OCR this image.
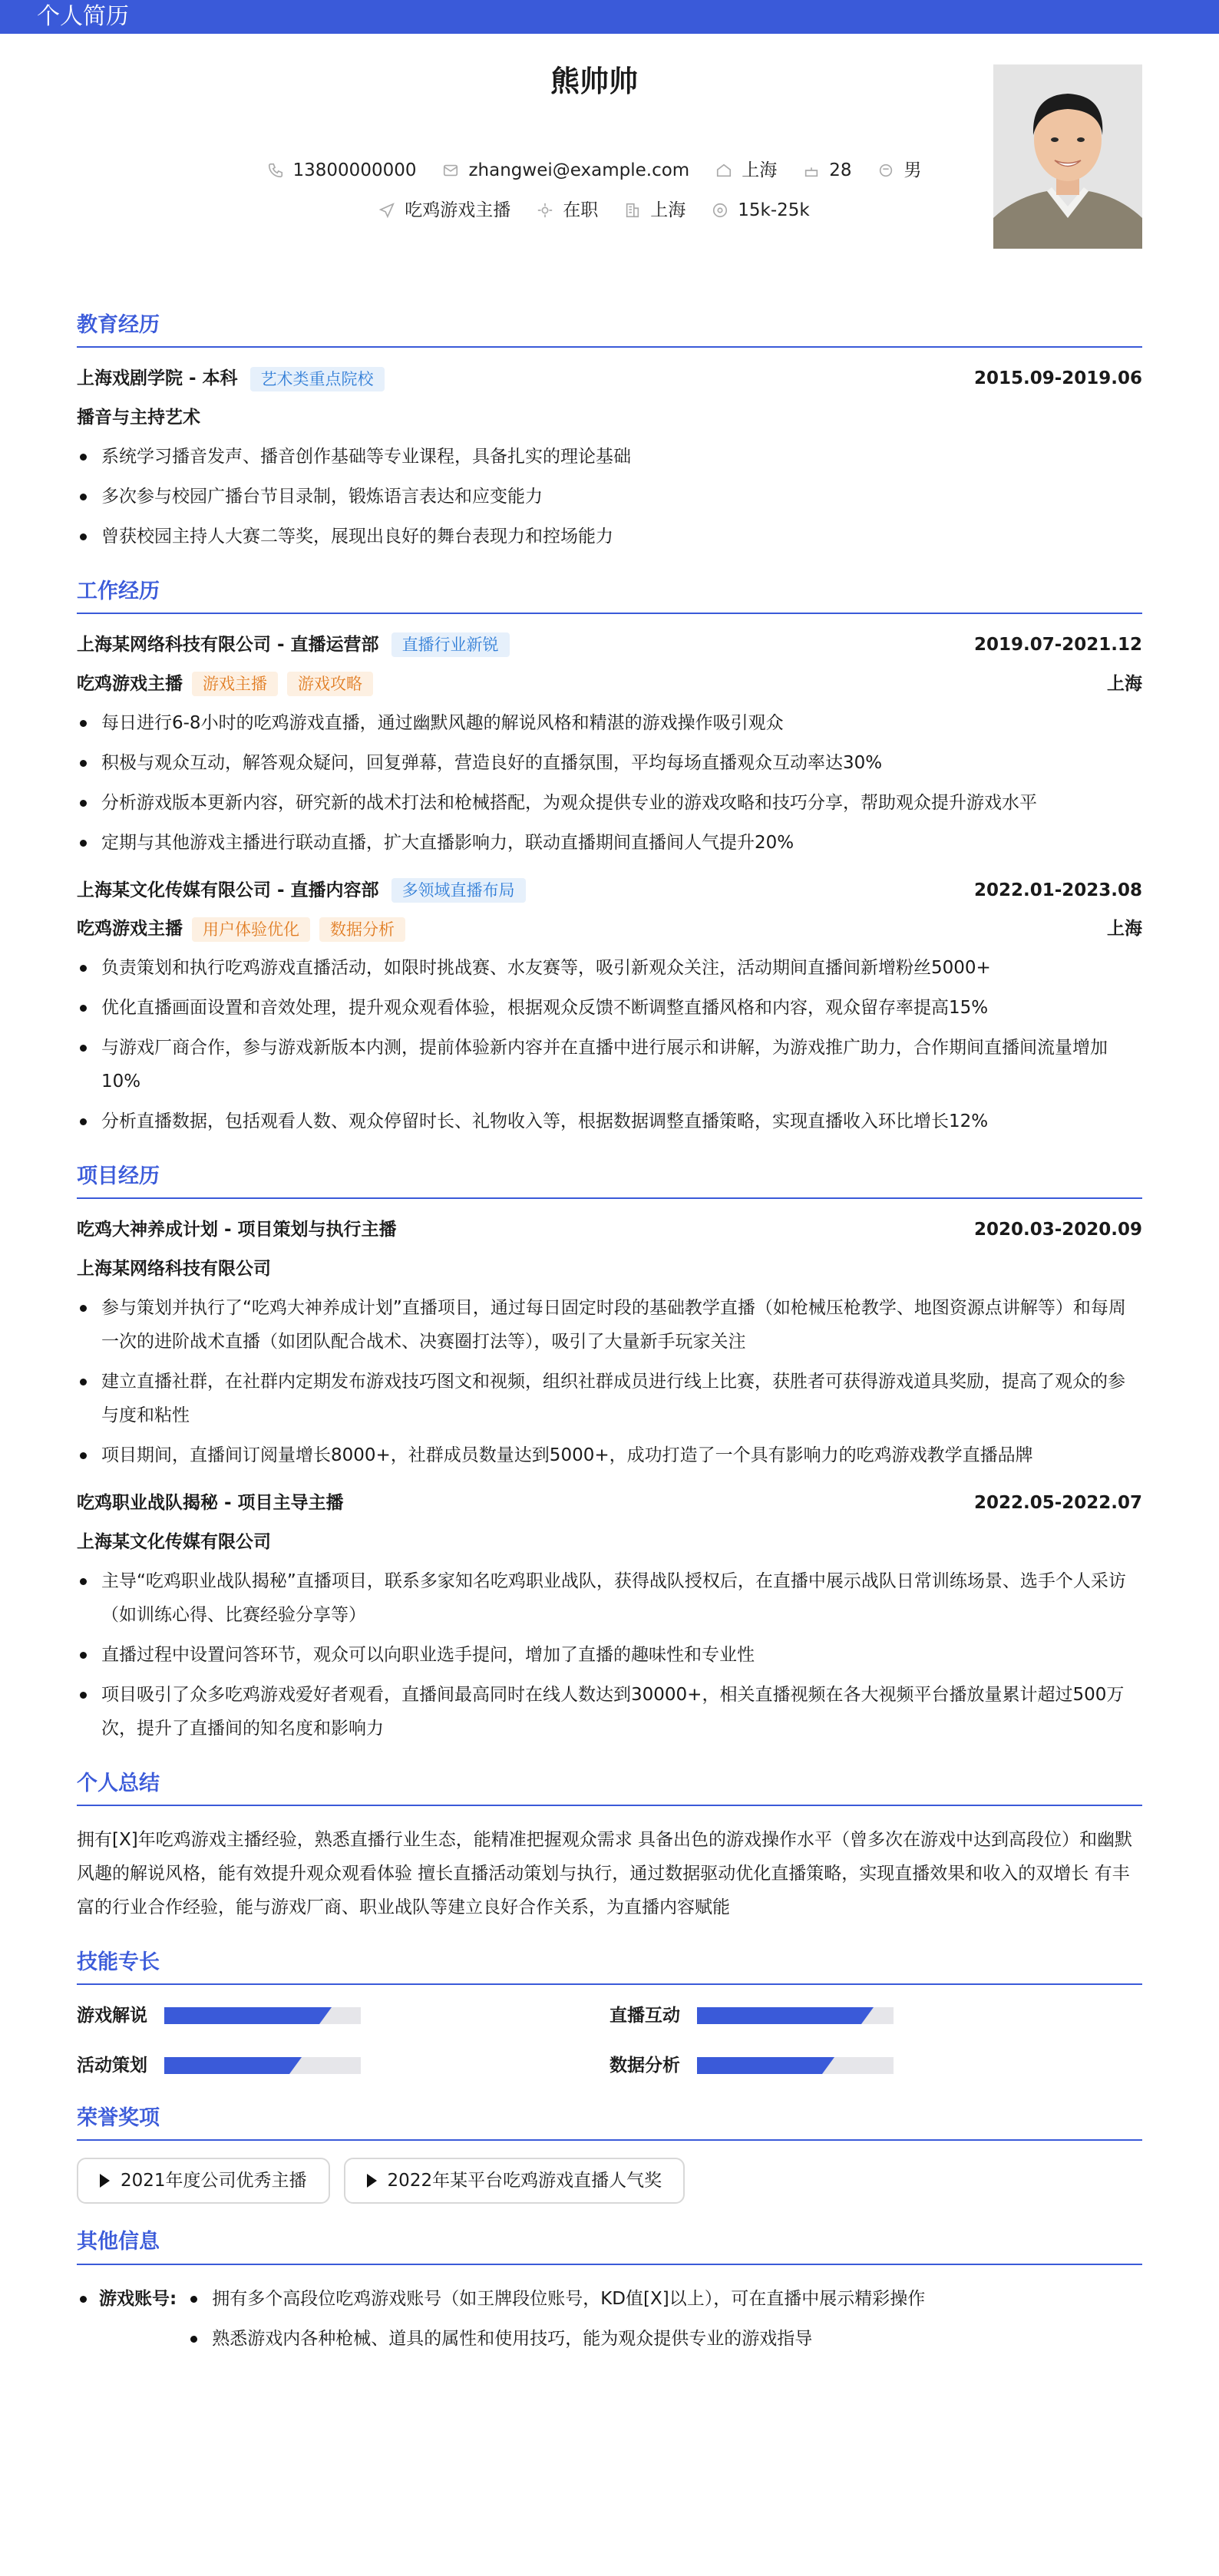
个人简历
熊帅帅
13800000000	zhangwei@example.com	上海	28	男
吃鸡游戏主播	在职	上海	15k-25k
教育经历
上海戏剧学院 - 本科	艺术类重点院校	2015.09-2019.06
播音与主持艺术
系统学习播音发声、播音创作基础等专业课程，具备扎实的理论基础
多次参与校园广播台节目录制，锻炼语言表达和应变能力
曾获校园主持人大赛二等奖，展现出良好的舞台表现力和控场能力
工作经历
上海某网络科技有限公司 - 直播运营部	直播行业新锐	2019.07-2021.12
吃鸡游戏主播	游戏主播	游戏攻略	上海
每日进行6-8小时的吃鸡游戏直播，通过幽默风趣的解说风格和精湛的游戏操作吸引观众
积极与观众互动，解答观众疑问，回复弹幕，营造良好的直播氛围，平均每场直播观众互动率达30%
分析游戏版本更新内容，研究新的战术打法和枪械搭配，为观众提供专业的游戏攻略和技巧分享，帮助观众提升游戏水平
定期与其他游戏主播进行联动直播，扩大直播影响力，联动直播期间直播间人气提升20%
上海某文化传媒有限公司 - 直播内容部	多领域直播布局	2022.01-2023.08
吃鸡游戏主播	用户体验优化	数据分析	上海
负责策划和执行吃鸡游戏直播活动，如限时挑战赛、水友赛等，吸引新观众关注，活动期间直播间新增粉丝5000+
优化直播画面设置和音效处理，提升观众观看体验，根据观众反馈不断调整直播风格和内容，观众留存率提高15%
与游戏厂商合作，参与游戏新版本内测，提前体验新内容并在直播中进行展示和讲解，为游戏推广助力，合作期间直播间流量增加10%
分析直播数据，包括观看人数、观众停留时长、礼物收入等，根据数据调整直播策略，实现直播收入环比增长12%
项目经历
吃鸡大神养成计划 - 项目策划与执行主播	2020.03-2020.09
上海某网络科技有限公司
参与策划并执行了“吃鸡大神养成计划”直播项目，通过每日固定时段的基础教学直播（如枪械压枪教学、地图资源点讲解等）和每周一次的进阶战术直播（如团队配合战术、决赛圈打法等），吸引了大量新手玩家关注
建立直播社群，在社群内定期发布游戏技巧图文和视频，组织社群成员进行线上比赛，获胜者可获得游戏道具奖励，提高了观众的参与度和粘性
项目期间，直播间订阅量增长8000+，社群成员数量达到5000+，成功打造了一个具有影响力的吃鸡游戏教学直播品牌
吃鸡职业战队揭秘 - 项目主导主播	2022.05-2022.07
上海某文化传媒有限公司
主导“吃鸡职业战队揭秘”直播项目，联系多家知名吃鸡职业战队，获得战队授权后，在直播中展示战队日常训练场景、选手个人采访（如训练心得、比赛经验分享等）
直播过程中设置问答环节，观众可以向职业选手提问，增加了直播的趣味性和专业性
项目吸引了众多吃鸡游戏爱好者观看，直播间最高同时在线人数达到30000+，相关直播视频在各大视频平台播放量累计超过500万次，提升了直播间的知名度和影响力
个人总结
拥有[X]年吃鸡游戏主播经验，熟悉直播行业生态，能精准把握观众需求 具备出色的游戏操作水平（曾多次在游戏中达到高段位）和幽默风趣的解说风格，能有效提升观众观看体验 擅长直播活动策划与执行，通过数据驱动优化直播策略，实现直播效果和收入的双增长 有丰富的行业合作经验，能与游戏厂商、职业战队等建立良好合作关系，为直播内容赋能
技能专长
游戏解说	直播互动
活动策划	数据分析
荣誉奖项
2021年度公司优秀主播	2022年某平台吃鸡游戏直播人气奖
其他信息
游戏账号:	拥有多个高段位吃鸡游戏账号（如王牌段位账号，KD值[X]以上），可在直播中展示精彩操作
熟悉游戏内各种枪械、道具的属性和使用技巧，能为观众提供专业的游戏指导
